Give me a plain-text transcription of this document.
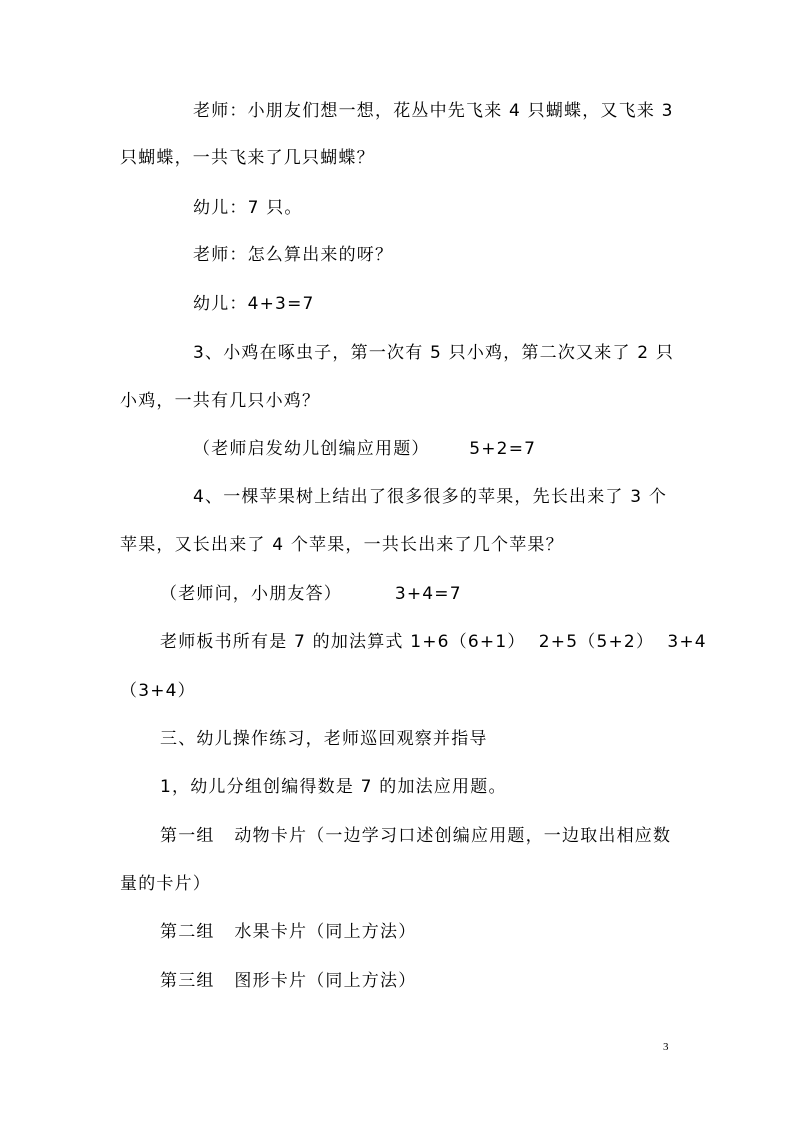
老师：小朋友们想一想，花丛中先飞来 4 只蝴蝶，又飞来 3
只蝴蝶，一共飞来了几只蝴蝶？
幼儿：7 只。
老师：怎么算出来的呀？
幼儿：4+3=7
3、小鸡在啄虫子，第一次有 5 只小鸡，第二次又来了 2 只
小鸡，一共有几只小鸡？
（老师启发幼儿创编应用题）      5+2=7
4、一棵苹果树上结出了很多很多的苹果，先长出来了 3 个
苹果，又长出来了 4 个苹果，一共长出来了几个苹果？
（老师问，小朋友答）        3+4=7
老师板书所有是 7 的加法算式 1+6（6+1）  2+5（5+2）  3+4
（3+4）
三、幼儿操作练习，老师巡回观察并指导
1，幼儿分组创编得数是 7 的加法应用题。
第一组   动物卡片（一边学习口述创编应用题，一边取出相应数
量的卡片）
第二组   水果卡片（同上方法）
第三组   图形卡片（同上方法）
3
